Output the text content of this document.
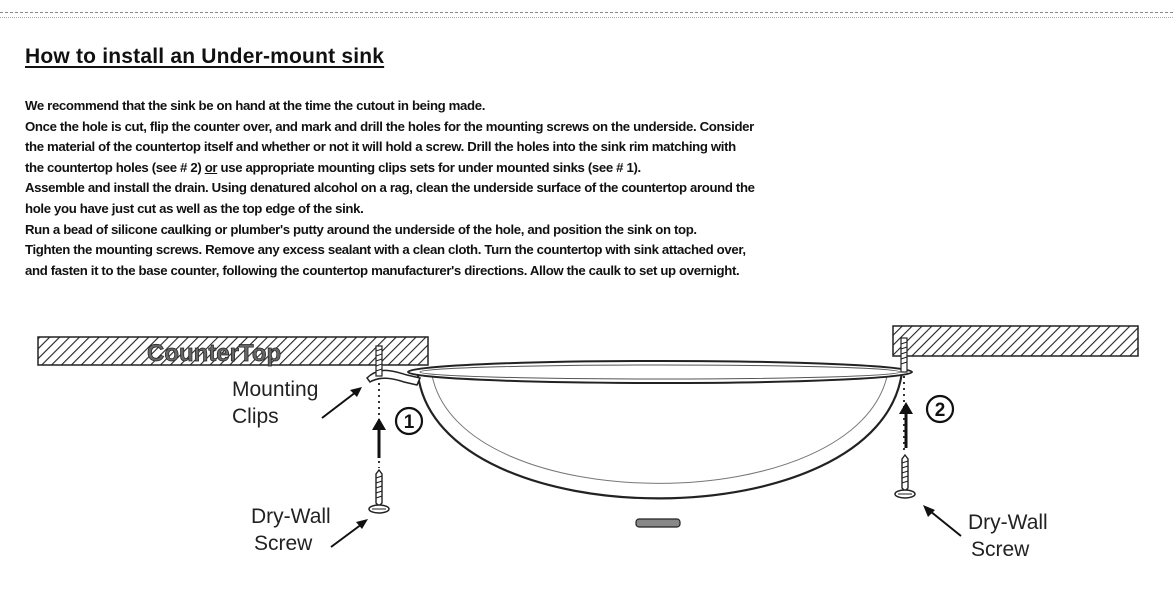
How to install an Under-mount sink

We recommend that the sink be on hand at the time the cutout in being made.

Once the hole is cut, flip the counter over, and mark and drill the holes for the mounting screws on the underside. Consider

the material of the countertop itself and whether or not it will hold a screw. Drill the holes into the sink rim matching with

the countertop holes (see # 2) or use appropriate mounting clips sets for under mounted sinks (see # 1).

Assemble and install the drain. Using denatured alcohol on a rag, clean the underside surface of the countertop around the

hole you have just cut as well as the top edge of the sink.

Run a bead of silicone caulking or plumber's putty around the underside of the hole, and position the sink on top.

Tighten the mounting screws. Remove any excess sealant with a clean cloth. Turn the countertop with sink attached over,

and fasten it to the base counter, following the countertop manufacturer's directions. Allow the caulk to set up overnight.

CounterTop
1
2
Mounting
Clips
Dry-Wall
Screw
Dry-Wall
Screw
